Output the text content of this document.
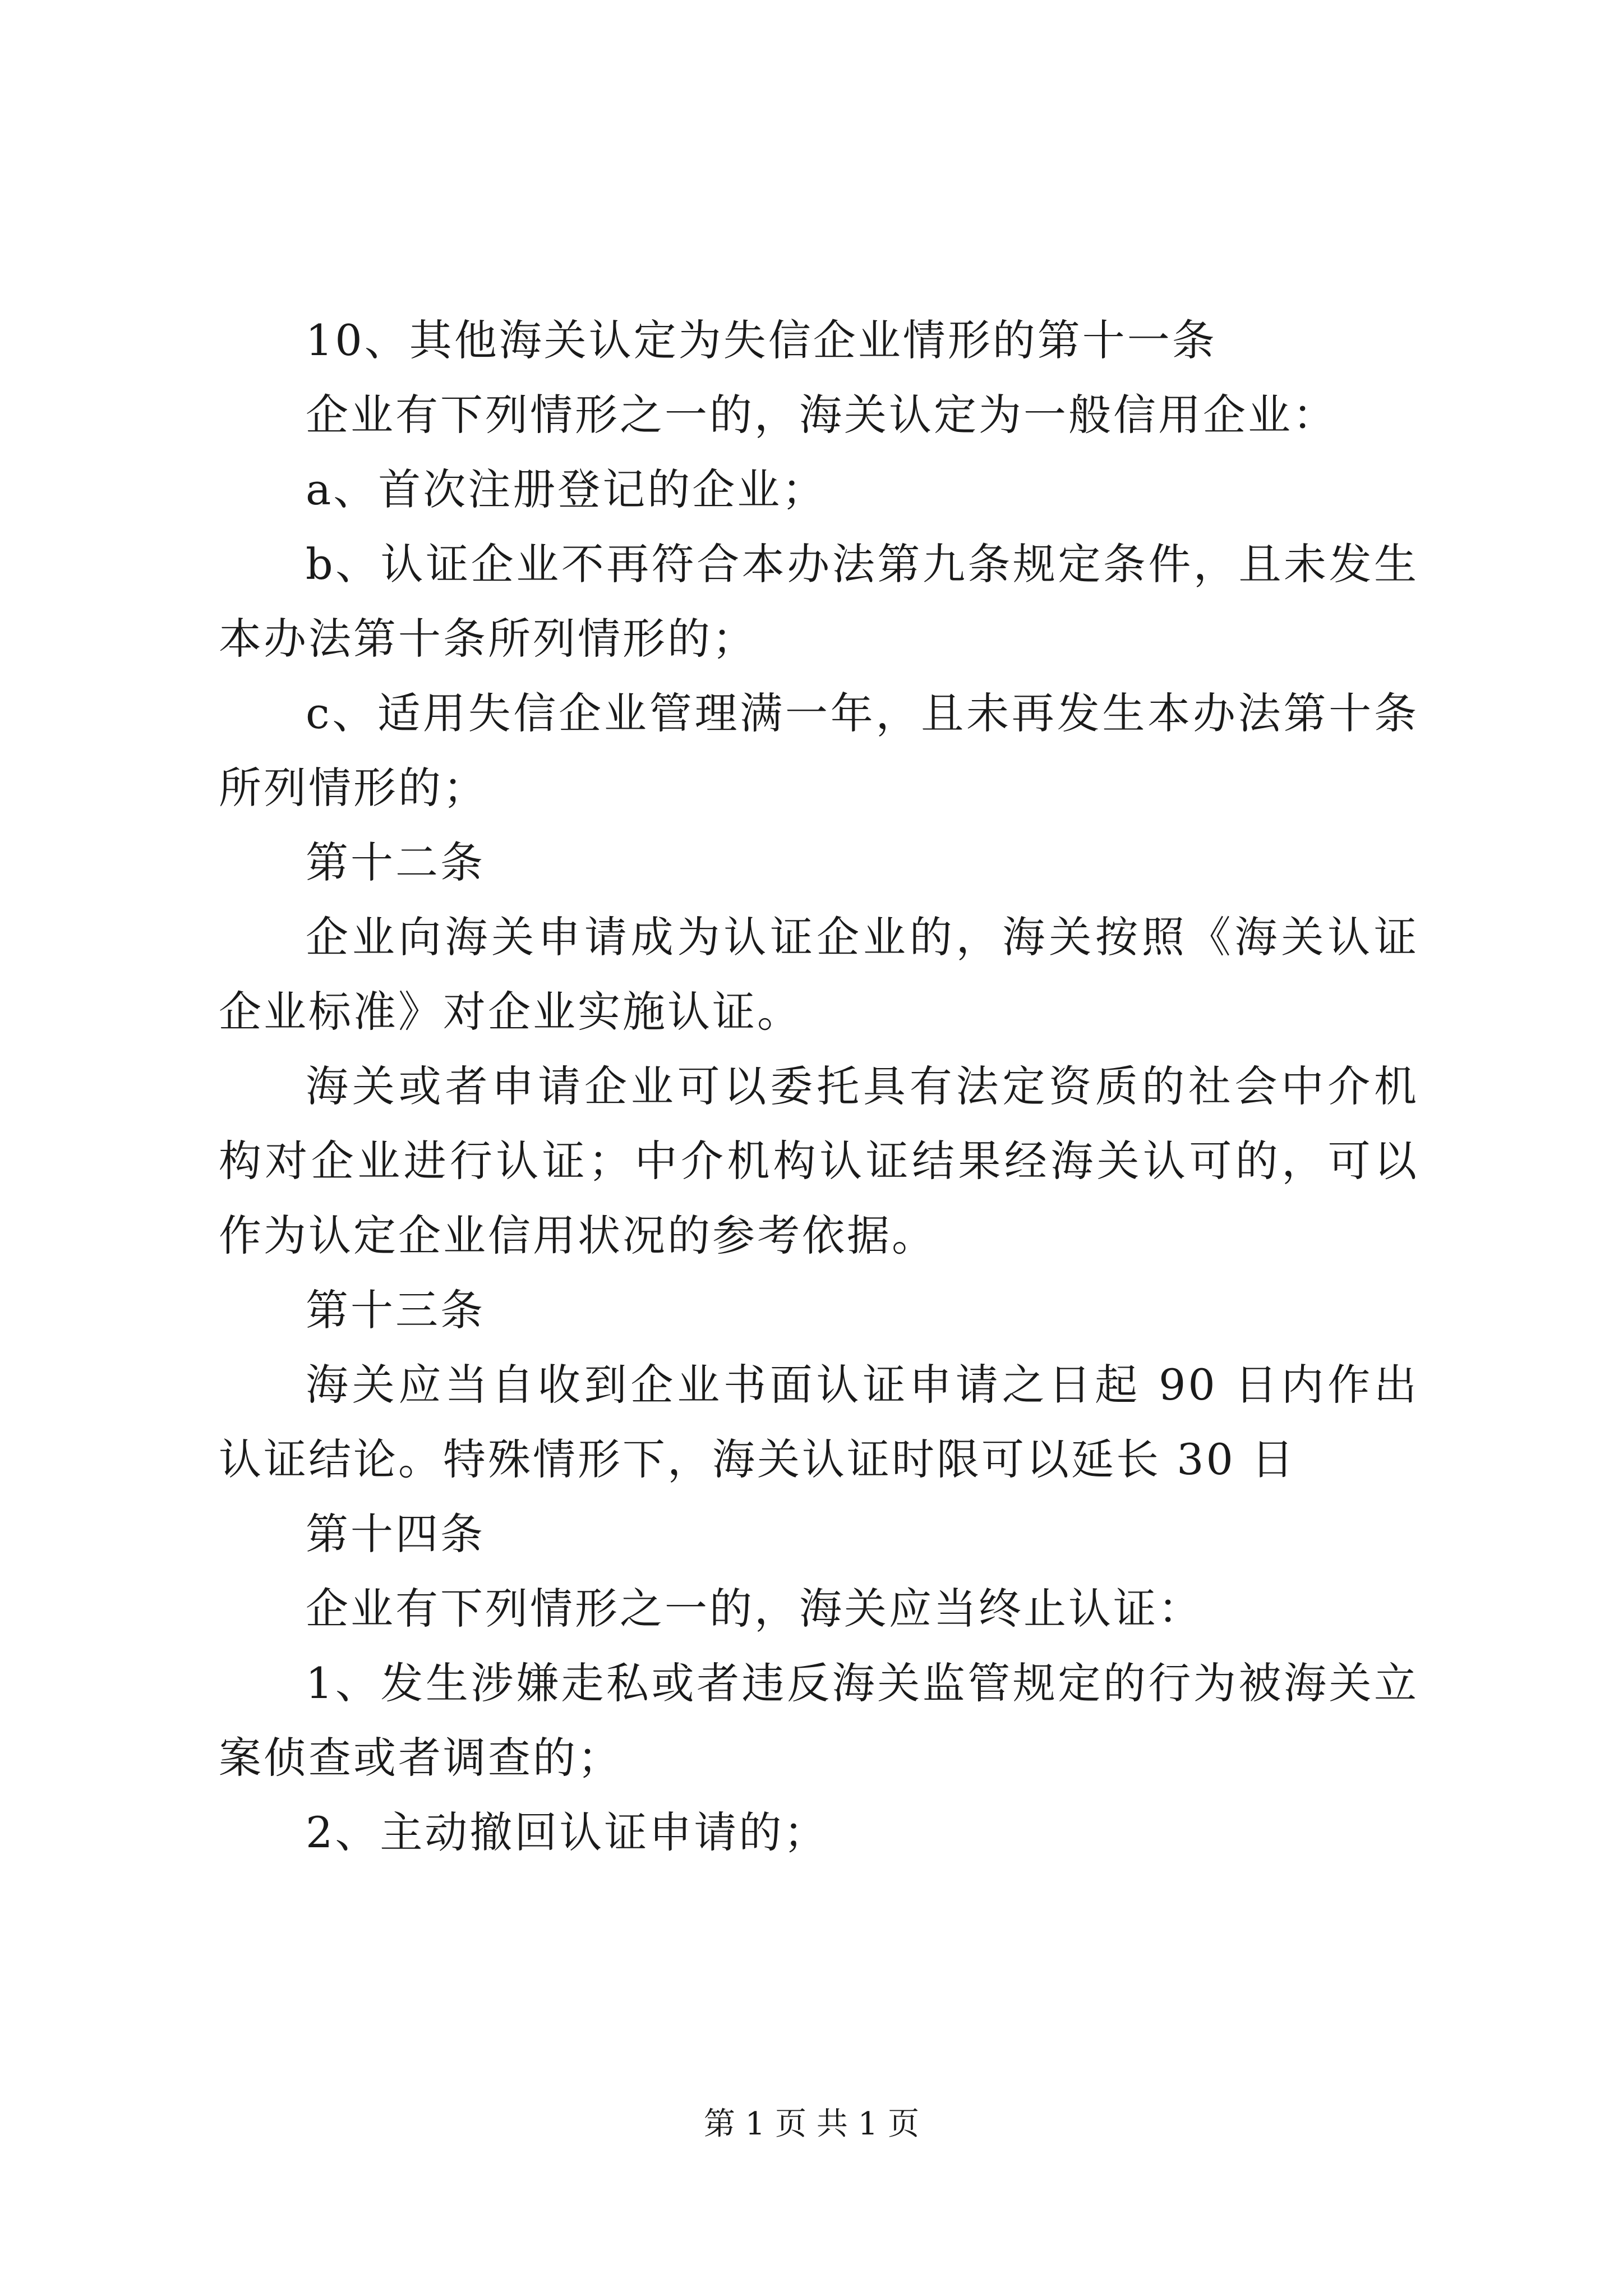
10、其他海关认定为失信企业情形的第十一条

企业有下列情形之一的，海关认定为一般信用企业：

a、首次注册登记的企业；

b、认证企业不再符合本办法第九条规定条件，且未发生本办法第十条所列情形的；

c、适用失信企业管理满一年，且未再发生本办法第十条所列情形的；

第十二条

企业向海关申请成为认证企业的，海关按照《海关认证企业标准》对企业实施认证。

海关或者申请企业可以委托具有法定资质的社会中介机构对企业进行认证；中介机构认证结果经海关认可的，可以作为认定企业信用状况的参考依据。

第十三条

海关应当自收到企业书面认证申请之日起 90 日内作出认证结论。特殊情形下，海关认证时限可以延长 30 日

第十四条

企业有下列情形之一的，海关应当终止认证：

1、发生涉嫌走私或者违反海关监管规定的行为被海关立案侦查或者调查的；

2、主动撤回认证申请的；

第 1 页 共 1 页
